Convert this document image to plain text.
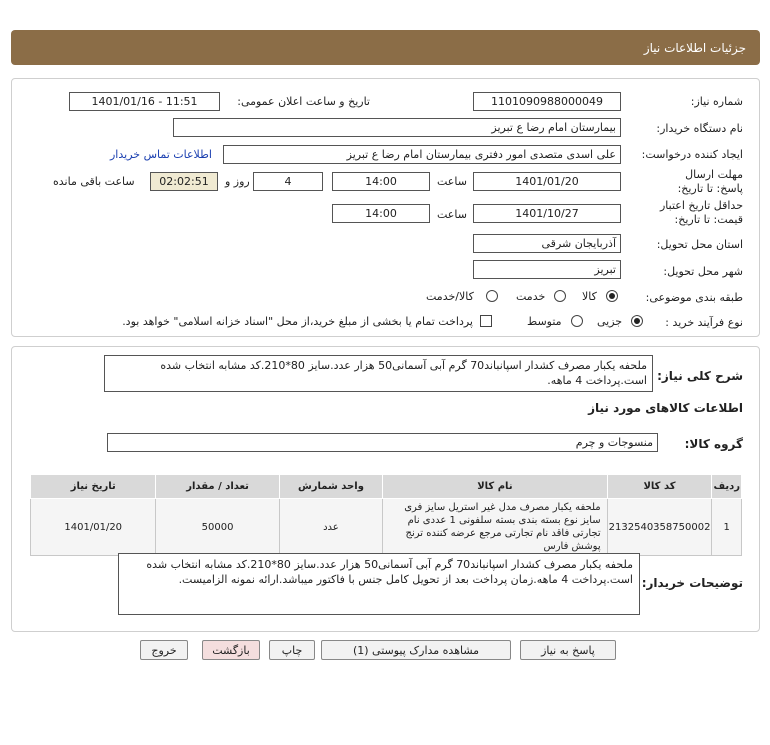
جزئیات اطلاعات نیاز
شماره نیاز:
1101090988000049
تاریخ و ساعت اعلان عمومی:
1401/01/16 - 11:51
نام دستگاه خریدار:
بیمارستان امام رضا ع تبریز
ایجاد کننده درخواست:
علی اسدی متصدی امور دفتری بیمارستان امام رضا ع تبریز
اطلاعات تماس خریدار
مهلت ارسال پاسخ: تا تاریخ:
1401/01/20
ساعت
14:00
4
روز و
02:02:51
ساعت باقی مانده
حداقل تاریخ اعتبار قیمت: تا تاریخ:
1401/10/27
ساعت
14:00
استان محل تحویل:
آذربایجان شرقی
شهر محل تحویل:
تبریز
طبقه بندی موضوعی:
کالا
خدمت
کالا/خدمت
نوع فرآیند خرید :
جزیی
متوسط
پرداخت تمام یا بخشی از مبلغ خرید،از محل "اسناد خزانه اسلامی" خواهد بود.
شرح کلی نیاز:
ملحفه یکبار مصرف کشدار اسپانباند70 گرم آبی آسمانی50 هزار عدد.سایز 80*210.کد مشابه انتخاب شده است.پرداخت 4 ماهه.
اطلاعات کالاهای مورد نیاز
گروه کالا:
منسوجات و چرم
ردیف	کد کالا	نام کالا	واحد شمارش	تعداد / مقدار	تاریخ نیاز
1	2132540358750002	ملحفه یکبار مصرف مدل غیر استریل سایز فری سایز نوع بسته بندی بسته سلفونی 1 عددی نام تجارتی فاقد نام تجارتی مرجع عرضه کننده ترنج پوشش فارس	عدد	50000	1401/01/20
توضیحات خریدار:
ملحفه یکبار مصرف کشدار اسپانباند70 گرم آبی آسمانی50 هزار عدد.سایز 80*210.کد مشابه انتخاب شده است.پرداخت 4 ماهه.زمان پرداخت بعد از تحویل کامل جنس با فاکتور میباشد.ارائه نمونه الزامیست.
پاسخ به نیاز
مشاهده مدارک پیوستی (1)
چاپ
بازگشت
خروج
